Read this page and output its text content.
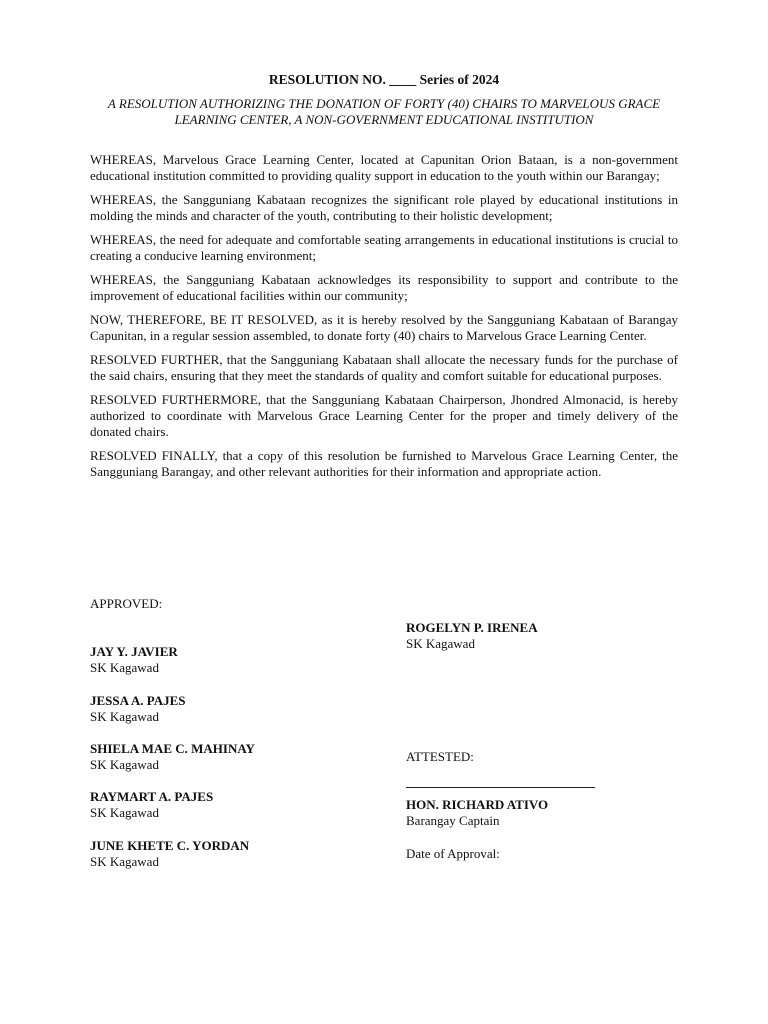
RESOLUTION NO. ____ Series of 2024
A RESOLUTION AUTHORIZING THE DONATION OF FORTY (40) CHAIRS TO MARVELOUS GRACE LEARNING CENTER, A NON-GOVERNMENT EDUCATIONAL INSTITUTION

WHEREAS, Marvelous Grace Learning Center, located at Capunitan Orion Bataan, is a non-government educational institution committed to providing quality support in education to the youth within our Barangay;

WHEREAS, the Sangguniang Kabataan recognizes the significant role played by educational institutions in molding the minds and character of the youth, contributing to their holistic development;

WHEREAS, the need for adequate and comfortable seating arrangements in educational institutions is crucial to creating a conducive learning environment;

WHEREAS, the Sangguniang Kabataan acknowledges its responsibility to support and contribute to the improvement of educational facilities within our community;

NOW, THEREFORE, BE IT RESOLVED, as it is hereby resolved by the Sangguniang Kabataan of Barangay Capunitan, in a regular session assembled, to donate forty (40) chairs to Marvelous Grace Learning Center.

RESOLVED FURTHER, that the Sangguniang Kabataan shall allocate the necessary funds for the purchase of the said chairs, ensuring that they meet the standards of quality and comfort suitable for educational purposes.

RESOLVED FURTHERMORE, that the Sangguniang Kabataan Chairperson, Jhondred Almonacid, is hereby authorized to coordinate with Marvelous Grace Learning Center for the proper and timely delivery of the donated chairs.

RESOLVED FINALLY, that a copy of this resolution be furnished to Marvelous Grace Learning Center, the Sangguniang Barangay, and other relevant authorities for their information and appropriate action.

APPROVED:
JAY Y. JAVIER
SK Kagawad
JESSA A. PAJES
SK Kagawad
SHIELA MAE C. MAHINAY
SK Kagawad
RAYMART A. PAJES
SK Kagawad
JUNE KHETE C. YORDAN
SK Kagawad
ROGELYN P. IRENEA
SK Kagawad
ATTESTED:
HON. RICHARD ATIVO
Barangay Captain
Date of Approval:
